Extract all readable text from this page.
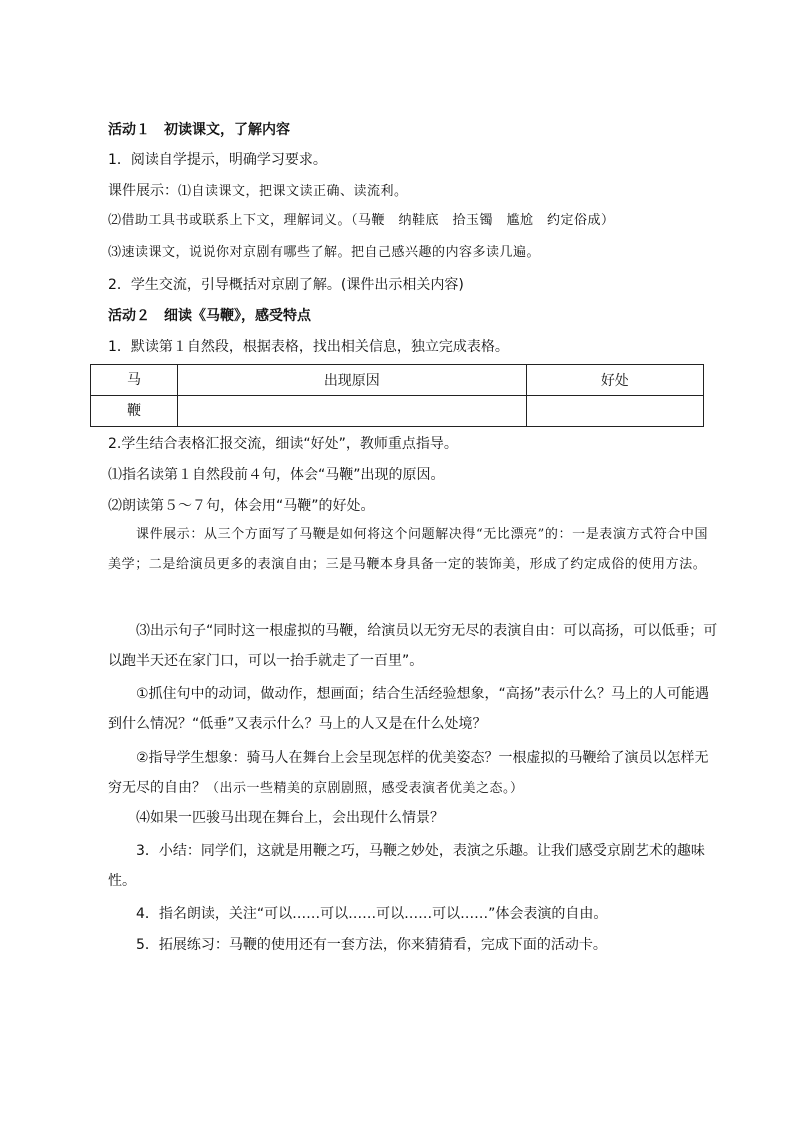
活动１　初读课文，了解内容
1．阅读自学提示，明确学习要求。
课件展示：⑴自读课文，把课文读正确、读流利。
⑵借助工具书或联系上下文，理解词义。（马鞭　纳鞋底　拾玉镯　尴尬　约定俗成）
⑶速读课文，说说你对京剧有哪些了解。把自己感兴趣的内容多读几遍。
2．学生交流，引导概括对京剧了解。(课件出示相关内容)
活动２　细读《马鞭》，感受特点
1．默读第１自然段，根据表格，找出相关信息，独立完成表格。
马	出现原因	好处
鞭		
2.学生结合表格汇报交流，细读“好处”，教师重点指导。
⑴指名读第１自然段前４句，体会“马鞭”出现的原因。
⑵朗读第５～７句，体会用“马鞭”的好处。
课件展示：从三个方面写了马鞭是如何将这个问题解决得“无比漂亮”的：一是表演方式符合中国美学；二是给演员更多的表演自由；三是马鞭本身具备一定的装饰美，形成了约定成俗的使用方法。
⑶出示句子“同时这一根虚拟的马鞭，给演员以无穷无尽的表演自由：可以高扬，可以低垂；可以跑半天还在家门口，可以一抬手就走了一百里”。
①抓住句中的动词，做动作，想画面；结合生活经验想象，“高扬”表示什么？马上的人可能遇到什么情况？“低垂”又表示什么？马上的人又是在什么处境？
②指导学生想象：骑马人在舞台上会呈现怎样的优美姿态？一根虚拟的马鞭给了演员以怎样无穷无尽的自由？（出示一些精美的京剧剧照，感受表演者优美之态。）
⑷如果一匹骏马出现在舞台上，会出现什么情景？
3．小结：同学们，这就是用鞭之巧，马鞭之妙处，表演之乐趣。让我们感受京剧艺术的趣味性。
4．指名朗读，关注“可以……可以……可以……可以……”体会表演的自由。
5．拓展练习：马鞭的使用还有一套方法，你来猜猜看，完成下面的活动卡。
